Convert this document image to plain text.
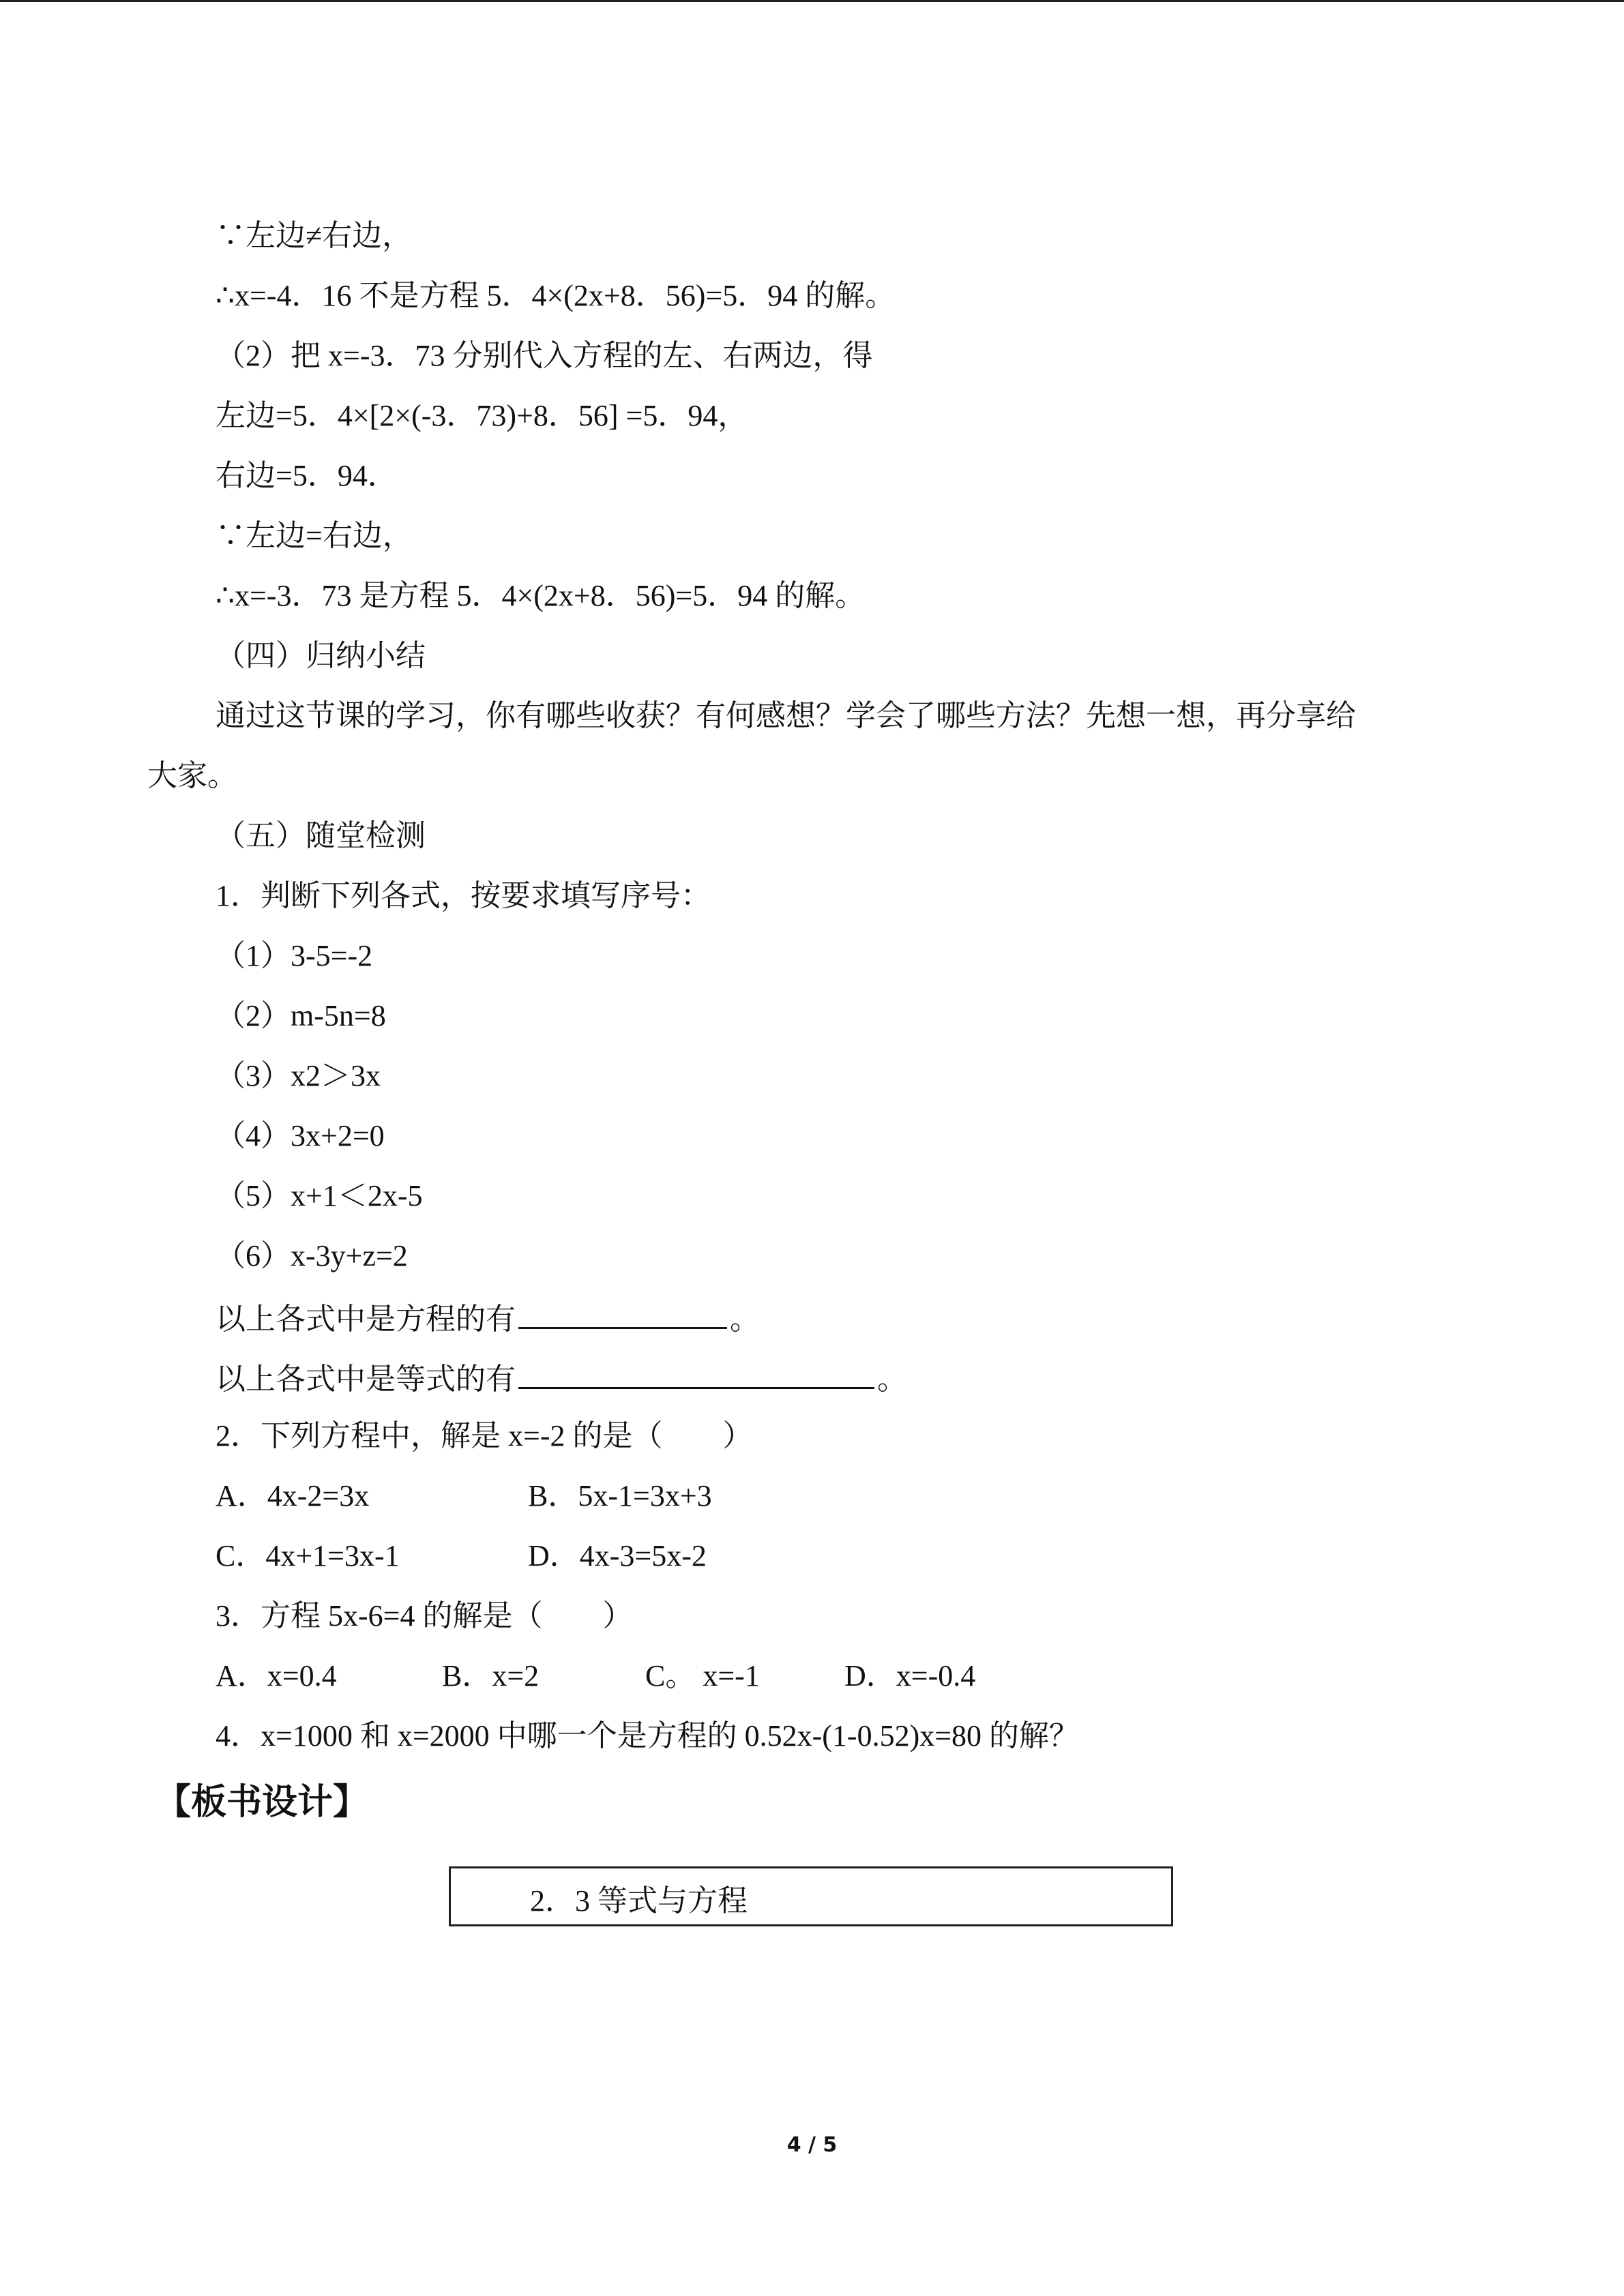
∵左边≠右边，
∴x=-4．16 不是方程 5．4×(2x+8．56)=5．94 的解。
（2）把 x=-3．73 分别代入方程的左、右两边，得
左边=5．4×[2×(-3．73)+8．56] =5．94，
右边=5．94．
∵左边=右边，
∴x=-3．73 是方程 5．4×(2x+8．56)=5．94 的解。
（四）归纳小结
通过这节课的学习，你有哪些收获？有何感想？学会了哪些方法？先想一想，再分享给
大家。
（五）随堂检测
1．判断下列各式，按要求填写序号：
（1）3-5=-2
（2）m-5n=8
（3）x2＞3x
（4）3x+2=0
（5）x+1＜2x-5
（6）x-3y+z=2
以上各式中是方程的有	。
以上各式中是等式的有	。
2．下列方程中，解是 x=-2 的是（　　）
A．4x-2=3x	B．5x-1=3x+3
C．4x+1=3x-1	D．4x-3=5x-2
3．方程 5x-6=4 的解是（　　）
A．x=0.4	B．x=2	C。 x=-1	D．x=-0.4
4．x=1000 和 x=2000 中哪一个是方程的 0.52x-(1-0.52)x=80 的解？
【板书设计】
2．3 等式与方程
4 / 5
